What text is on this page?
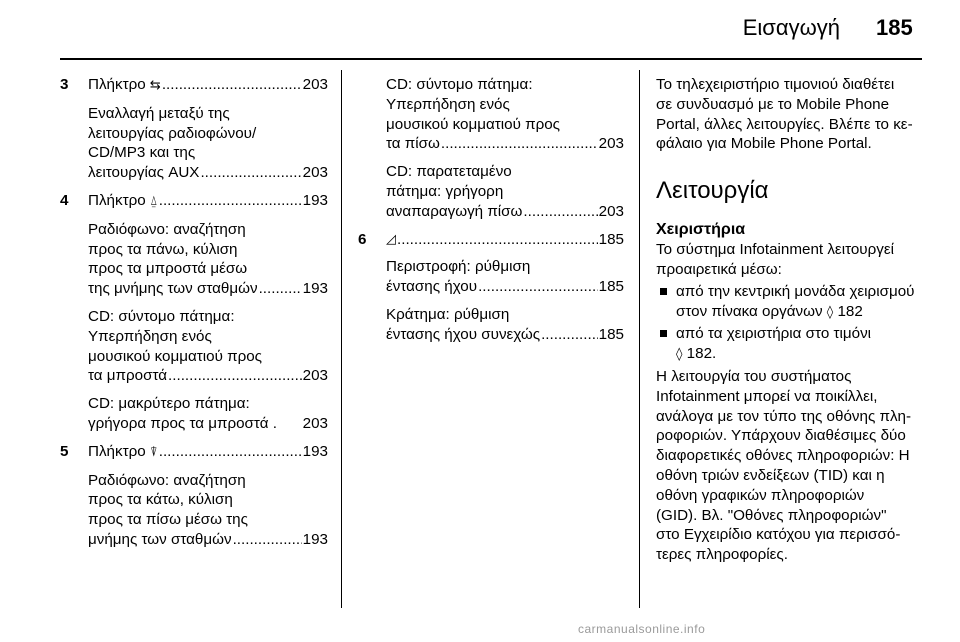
Εισαγωγή 185
3 Πλήκτρο ⇆ .....	203
Εναλλαγή μεταξύ της
λειτουργίας ραδιοφώνου/
CD/MP3 και της
λειτουργίας AUX .....	203
4 Πλήκτρο ⍙ .....	193
Ραδιόφωνο: αναζήτηση
προς τα πάνω, κύλιση
προς τα μπροστά μέσω
της μνήμης των σταθμών .....	193
CD: σύντομο πάτημα:
Υπερπήδηση ενός
μουσικού κομματιού προς
τα μπροστά .....	203
CD: μακρύτερο πάτημα:
γρήγορα προς τα μπροστά . 203
5 Πλήκτρο ⍒ .....	193
Ραδιόφωνο: αναζήτηση
προς τα κάτω, κύλιση
προς τα πίσω μέσω της
μνήμης των σταθμών .....	193
CD: σύντομο πάτημα:
Υπερπήδηση ενός
μουσικού κομματιού προς
τα πίσω .....	203
CD: παρατεταμένο
πάτημα: γρήγορη
αναπαραγωγή πίσω .....	203
6 ◿ .....	185
Περιστροφή: ρύθμιση
έντασης ήχου .....	185
Κράτημα: ρύθμιση
έντασης ήχου συνεχώς .....	185
Το τηλεχειριστήριο τιμονιού διαθέτει
σε συνδυασμό με το Mobile Phone
Portal, άλλες λειτουργίες. Βλέπε το κε-
φάλαιο για Mobile Phone Portal.
Λειτουργία
Χειριστήρια
Το σύστημα Infotainment λειτουργεί
προαιρετικά μέσω:
από την κεντρική μονάδα χειρισμού
στον πίνακα οργάνων ◊ 182
από τα χειριστήρια στο τιμόνι
◊ 182.
Η λειτουργία του συστήματος
Infotainment μπορεί να ποικίλλει,
ανάλογα με τον τύπο της οθόνης πλη-
ροφοριών. Υπάρχουν διαθέσιμες δύο
διαφορετικές οθόνες πληροφοριών: Η
οθόνη τριών ενδείξεων (TID) και η
οθόνη γραφικών πληροφοριών
(GID). Βλ. "Οθόνες πληροφοριών"
στο Εγχειρίδιο κατόχου για περισσό-
τερες πληροφορίες.
carmanualsonline.info
